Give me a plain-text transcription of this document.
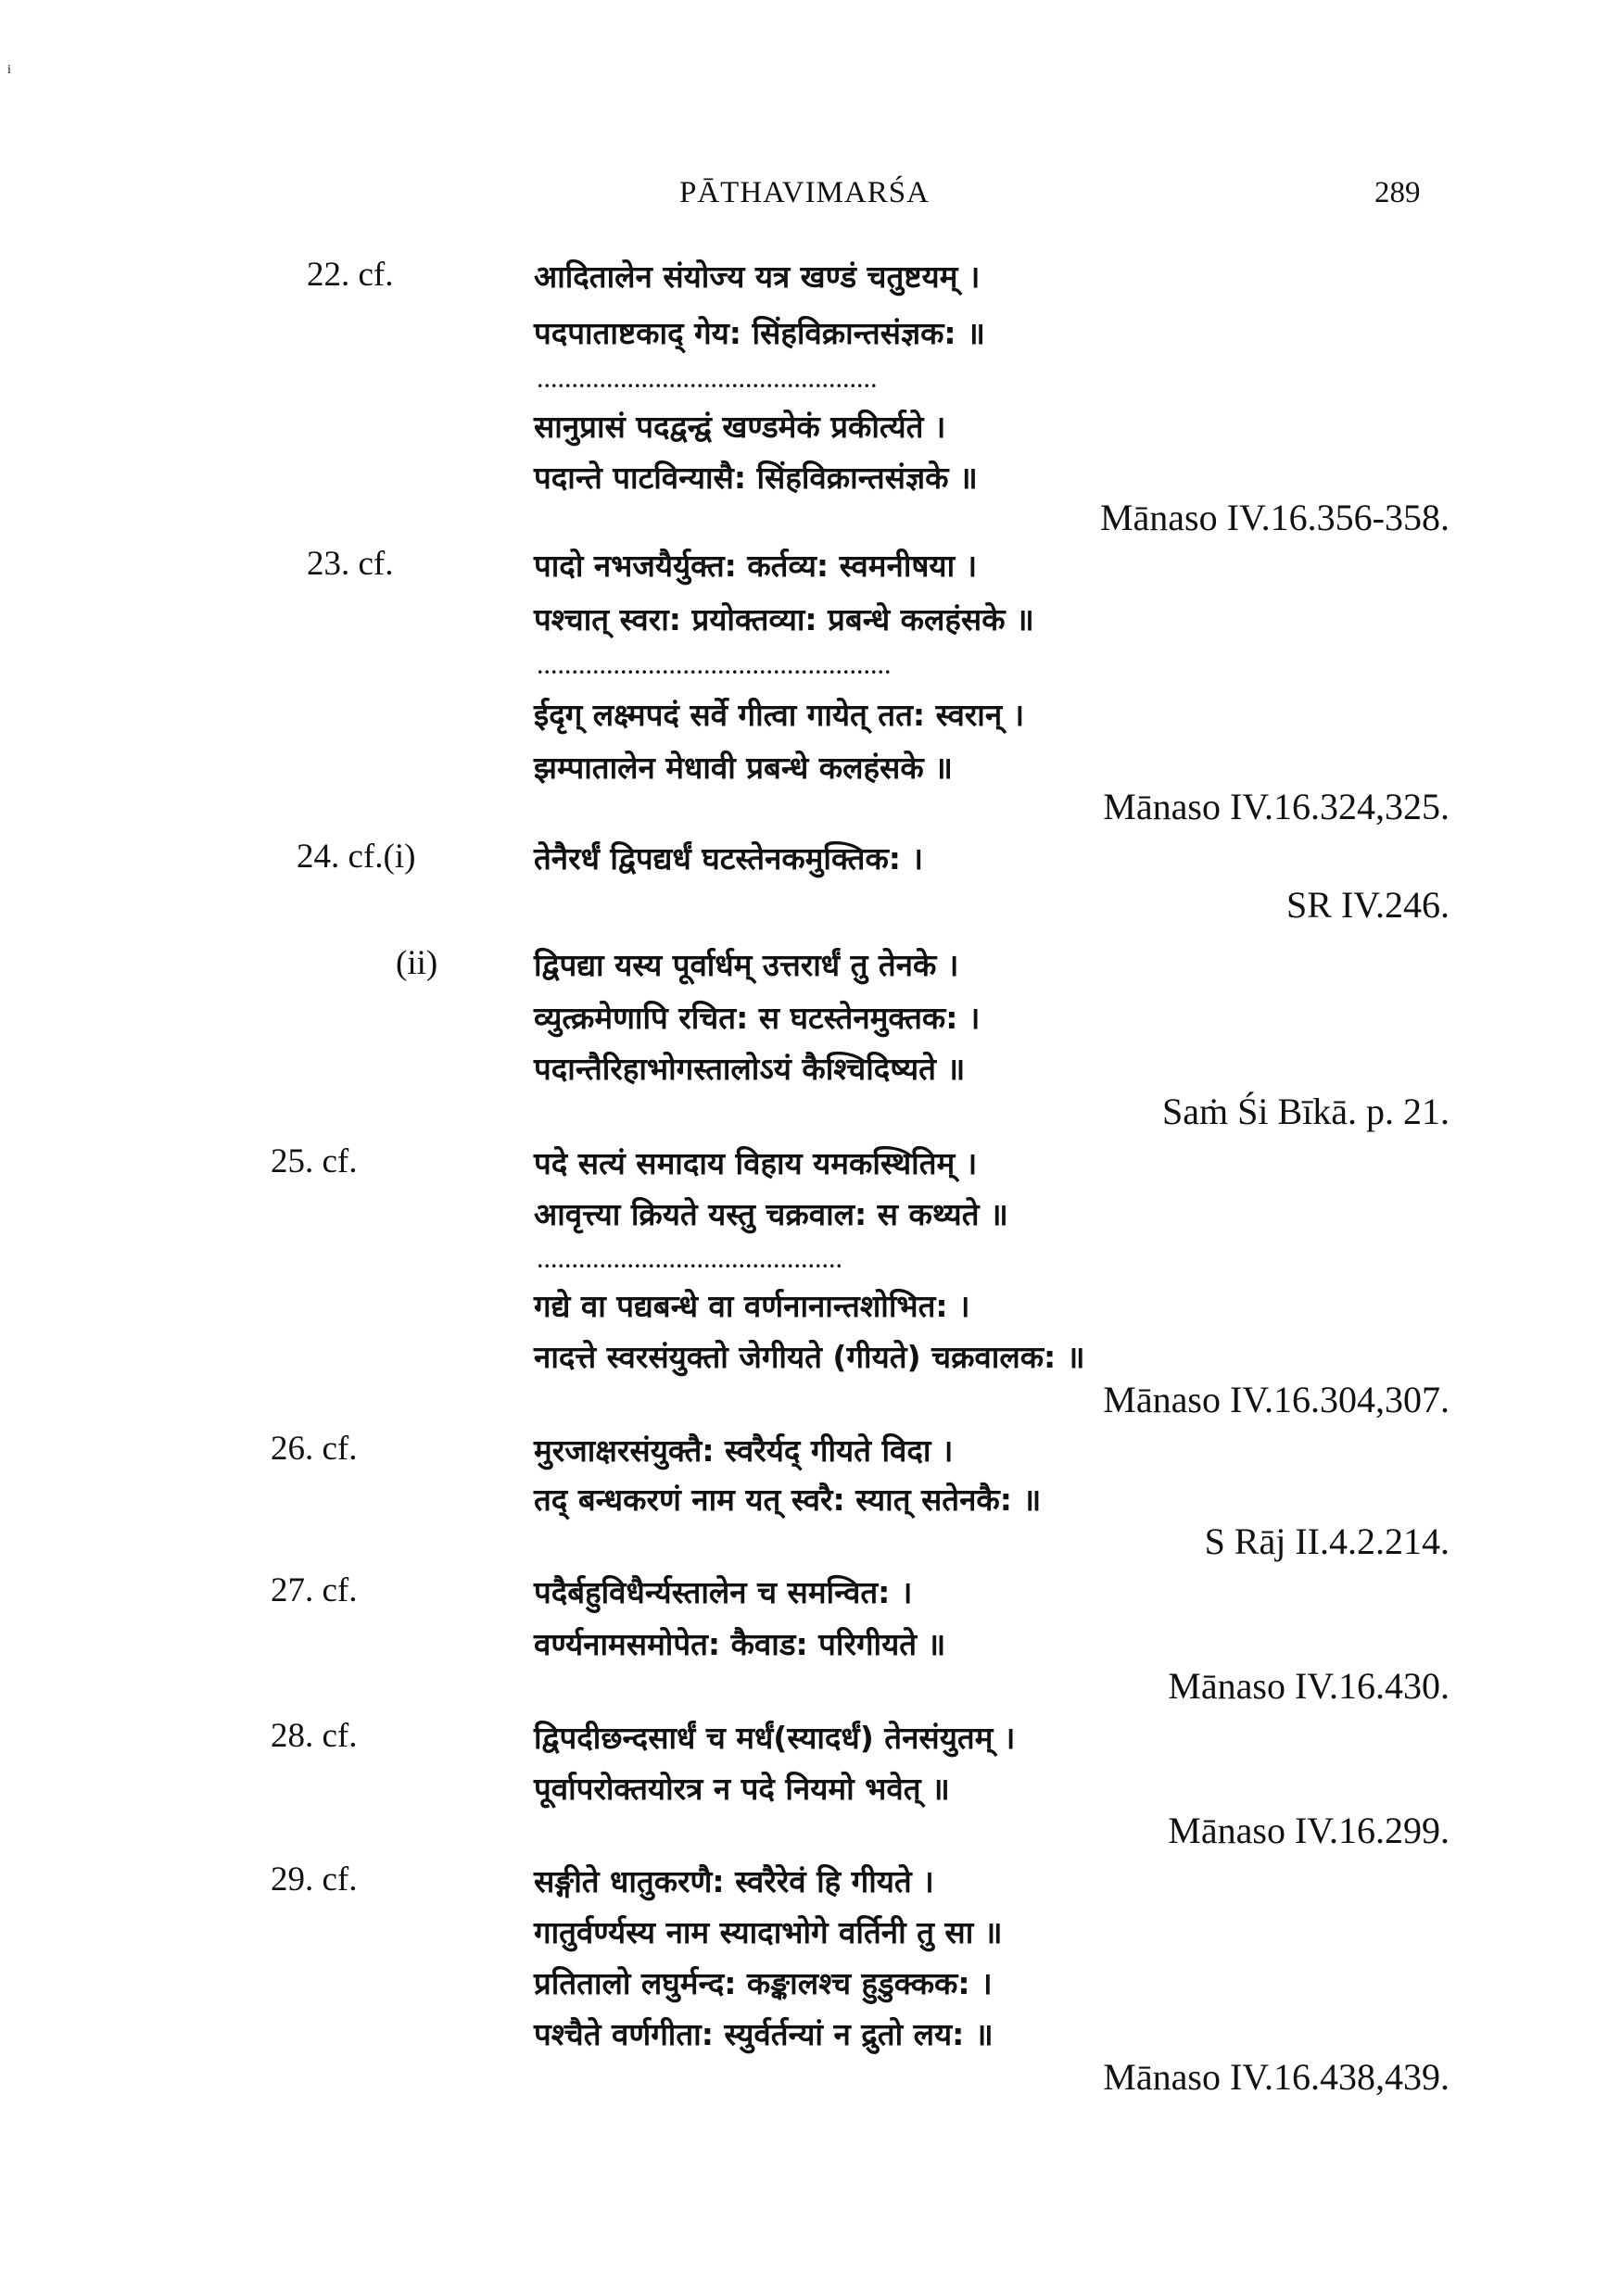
i
PĀTHAVIMARŚA	289
22. cf.	आदितालेन संयोज्य यत्र खण्डं चतुष्टयम् ।
पदपाताष्टकाद् गेय: सिंहविक्रान्तसंज्ञक: ॥
.................................................
सानुप्रासं पदद्वन्द्वं खण्डमेकं प्रकीर्त्यते ।
पदान्ते पाटविन्यासै: सिंहविक्रान्तसंज्ञके ॥
Mānaso IV.16.356-358.
23. cf.	पादो नभजयैर्युक्त: कर्तव्य: स्वमनीषया ।
पश्चात् स्वरा: प्रयोक्तव्या: प्रबन्धे कलहंसके ॥
...................................................
ईदृग् लक्ष्मपदं सर्वे गीत्वा गायेत् तत: स्वरान् ।
झम्पातालेन मेधावी प्रबन्धे कलहंसके ॥
Mānaso IV.16.324,325.
24. cf.(i)	तेनैरर्धं द्विपद्यर्धं घटस्तेनकमुक्तिक: ।
SR IV.246.
(ii)	द्विपद्या यस्य पूर्वार्धम् उत्तरार्धं तु तेनके ।
व्युत्क्रमेणापि रचित: स घटस्तेनमुक्तक: ।
पदान्तैरिहाभोगस्तालोऽयं कैश्चिदिष्यते ॥
Saṁ Śi Bīkā. p. 21.
25. cf.	पदे सत्यं समादाय विहाय यमकस्थितिम् ।
आवृत्त्या क्रियते यस्तु चक्रवाल: स कथ्यते ॥
............................................
गद्ये वा पद्यबन्धे वा वर्णनानान्तशोभित: ।
नादत्ते स्वरसंयुक्तो जेगीयते (गीयते) चक्रवालक: ॥
Mānaso IV.16.304,307.
26. cf.	मुरजाक्षरसंयुक्तै: स्वरैर्यद् गीयते विदा ।
तद् बन्धकरणं नाम यत् स्वरै: स्यात् सतेनकै: ॥
S Rāj II.4.2.214.
27. cf.	पदैर्बहुविधैर्न्यस्तालेन च समन्वित: ।
वर्ण्यनामसमोपेत: कैवाड: परिगीयते ॥
Mānaso IV.16.430.
28. cf.	द्विपदीछन्दसार्धं च मर्धं(स्यादर्धं) तेनसंयुतम् ।
पूर्वापरोक्तयोरत्र न पदे नियमो भवेत् ॥
Mānaso IV.16.299.
29. cf.	सङ्गीते धातुकरणै: स्वरैरेवं हि गीयते ।
गातुर्वर्ण्यस्य नाम स्यादाभोगे वर्तिनी तु सा ॥
प्रतितालो लघुर्मन्द: कङ्कालश्च हुडुक्कक: ।
पश्चैते वर्णगीता: स्युर्वर्तन्यां न द्रुतो लय: ॥
Mānaso IV.16.438,439.
